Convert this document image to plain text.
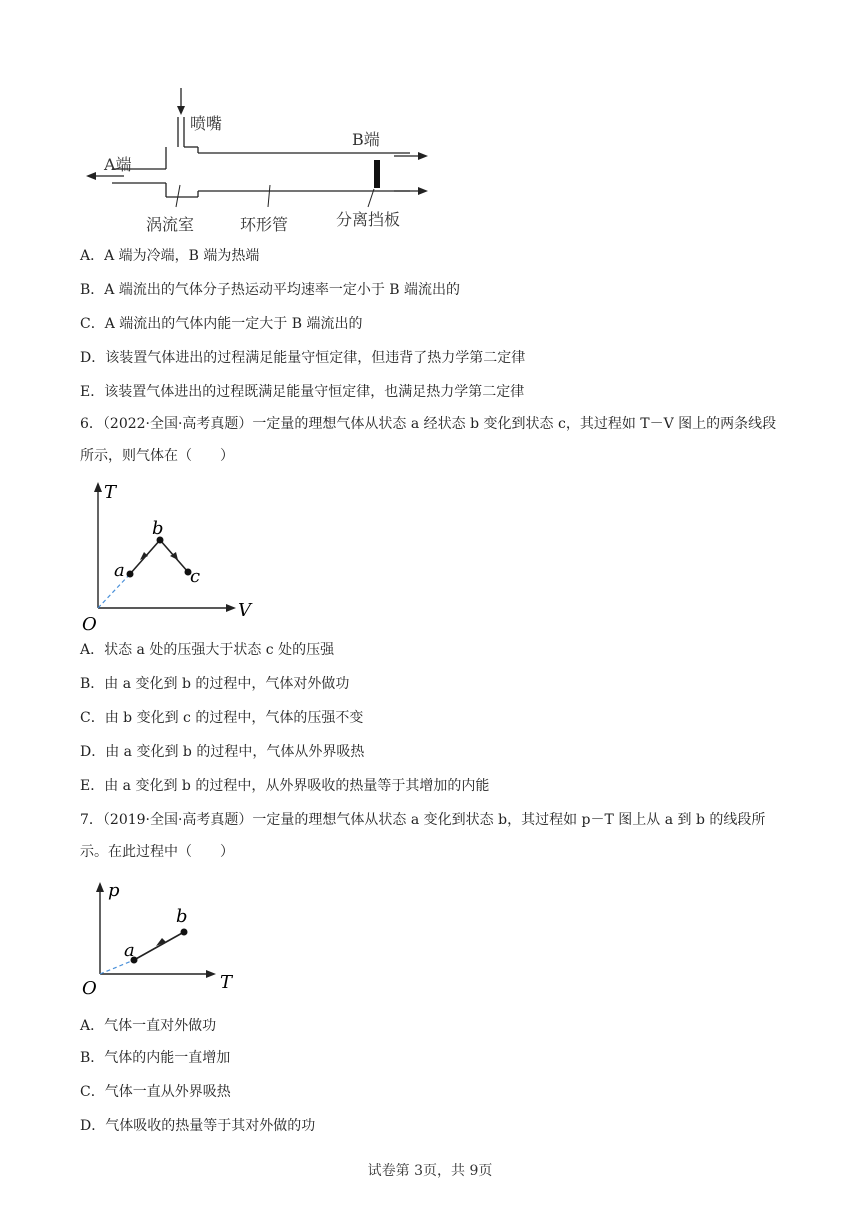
喷嘴
A端
B端
涡流室	环形管	分离挡板
A．A 端为冷端，B 端为热端
B．A 端流出的气体分子热运动平均速率一定小于 B 端流出的
C．A 端流出的气体内能一定大于 B 端流出的
D．该装置气体进出的过程满足能量守恒定律，但违背了热力学第二定律
E．该装置气体进出的过程既满足能量守恒定律，也满足热力学第二定律
6．（2022·全国·高考真题）一定量的理想气体从状态 a 经状态 b 变化到状态 c，其过程如 T－V 图上的两条线段所示，则气体在（　　）
T
V
O
a
b
c
A．状态 a 处的压强大于状态 c 处的压强
B．由 a 变化到 b 的过程中，气体对外做功
C．由 b 变化到 c 的过程中，气体的压强不变
D．由 a 变化到 b 的过程中，气体从外界吸热
E．由 a 变化到 b 的过程中，从外界吸收的热量等于其增加的内能
7．（2019·全国·高考真题）一定量的理想气体从状态 a 变化到状态 b，其过程如 p－T 图上从 a 到 b 的线段所示。在此过程中（　　）
p
T
O
a
b
A．气体一直对外做功
B．气体的内能一直增加
C．气体一直从外界吸热
D．气体吸收的热量等于其对外做的功
试卷第 3页，共 9页
